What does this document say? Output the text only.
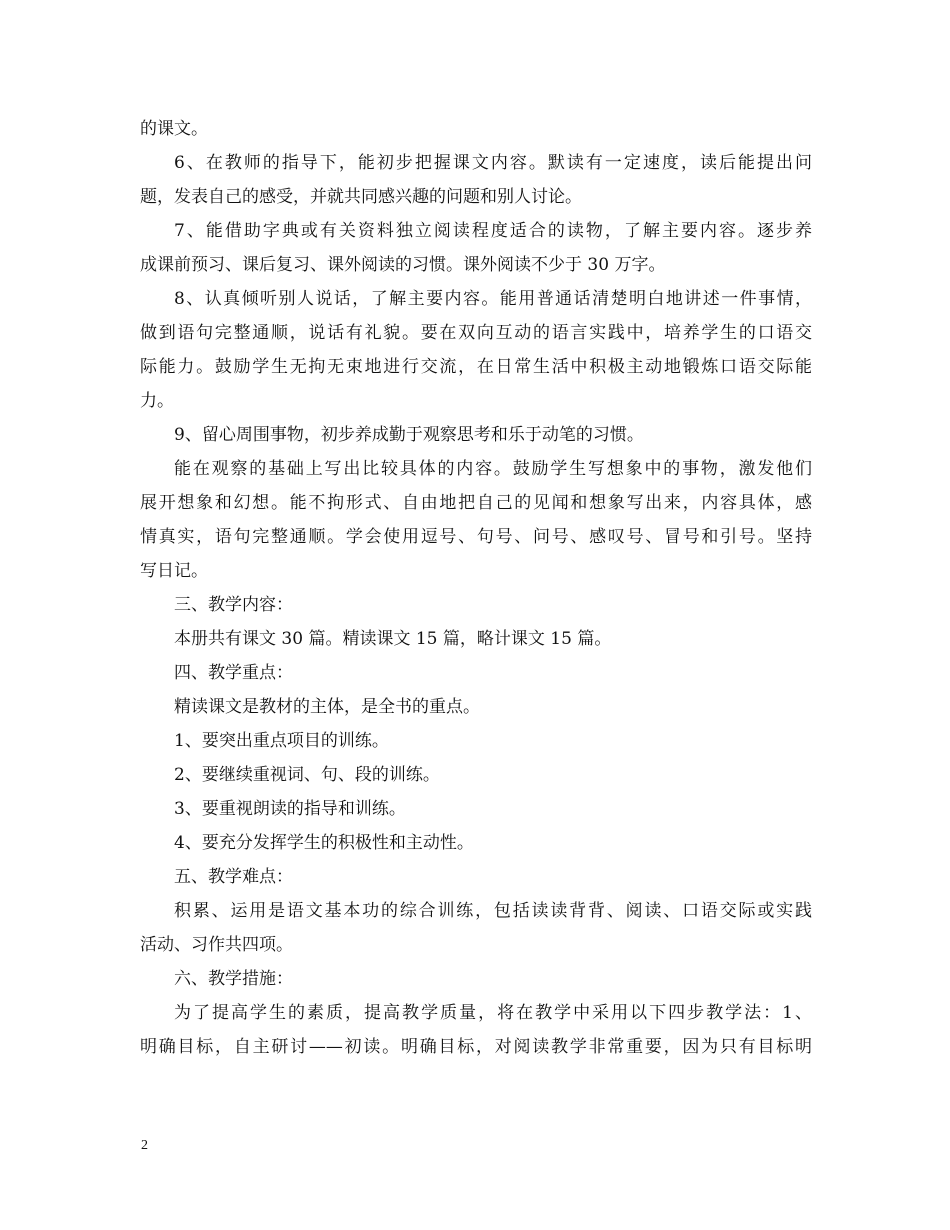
的课文。
6、在教师的指导下，能初步把握课文内容。默读有一定速度，读后能提出问
题，发表自己的感受，并就共同感兴趣的问题和别人讨论。
7、能借助字典或有关资料独立阅读程度适合的读物，了解主要内容。逐步养
成课前预习、课后复习、课外阅读的习惯。课外阅读不少于 30 万字。
8、认真倾听别人说话，了解主要内容。能用普通话清楚明白地讲述一件事情，
做到语句完整通顺，说话有礼貌。要在双向互动的语言实践中，培养学生的口语交
际能力。鼓励学生无拘无束地进行交流，在日常生活中积极主动地锻炼口语交际能
力。
9、留心周围事物，初步养成勤于观察思考和乐于动笔的习惯。
能在观察的基础上写出比较具体的内容。鼓励学生写想象中的事物，激发他们
展开想象和幻想。能不拘形式、自由地把自己的见闻和想象写出来，内容具体，感
情真实，语句完整通顺。学会使用逗号、句号、问号、感叹号、冒号和引号。坚持
写日记。
三、教学内容：
本册共有课文 30 篇。精读课文 15 篇，略计课文 15 篇。
四、教学重点：
精读课文是教材的主体，是全书的重点。
1、要突出重点项目的训练。
2、要继续重视词、句、段的训练。
3、要重视朗读的指导和训练。
4、要充分发挥学生的积极性和主动性。
五、教学难点：
积累、运用是语文基本功的综合训练，包括读读背背、阅读、口语交际或实践
活动、习作共四项。
六、教学措施：
为了提高学生的素质，提高教学质量，将在教学中采用以下四步教学法：1、
明确目标，自主研讨——初读。明确目标，对阅读教学非常重要，因为只有目标明
2
